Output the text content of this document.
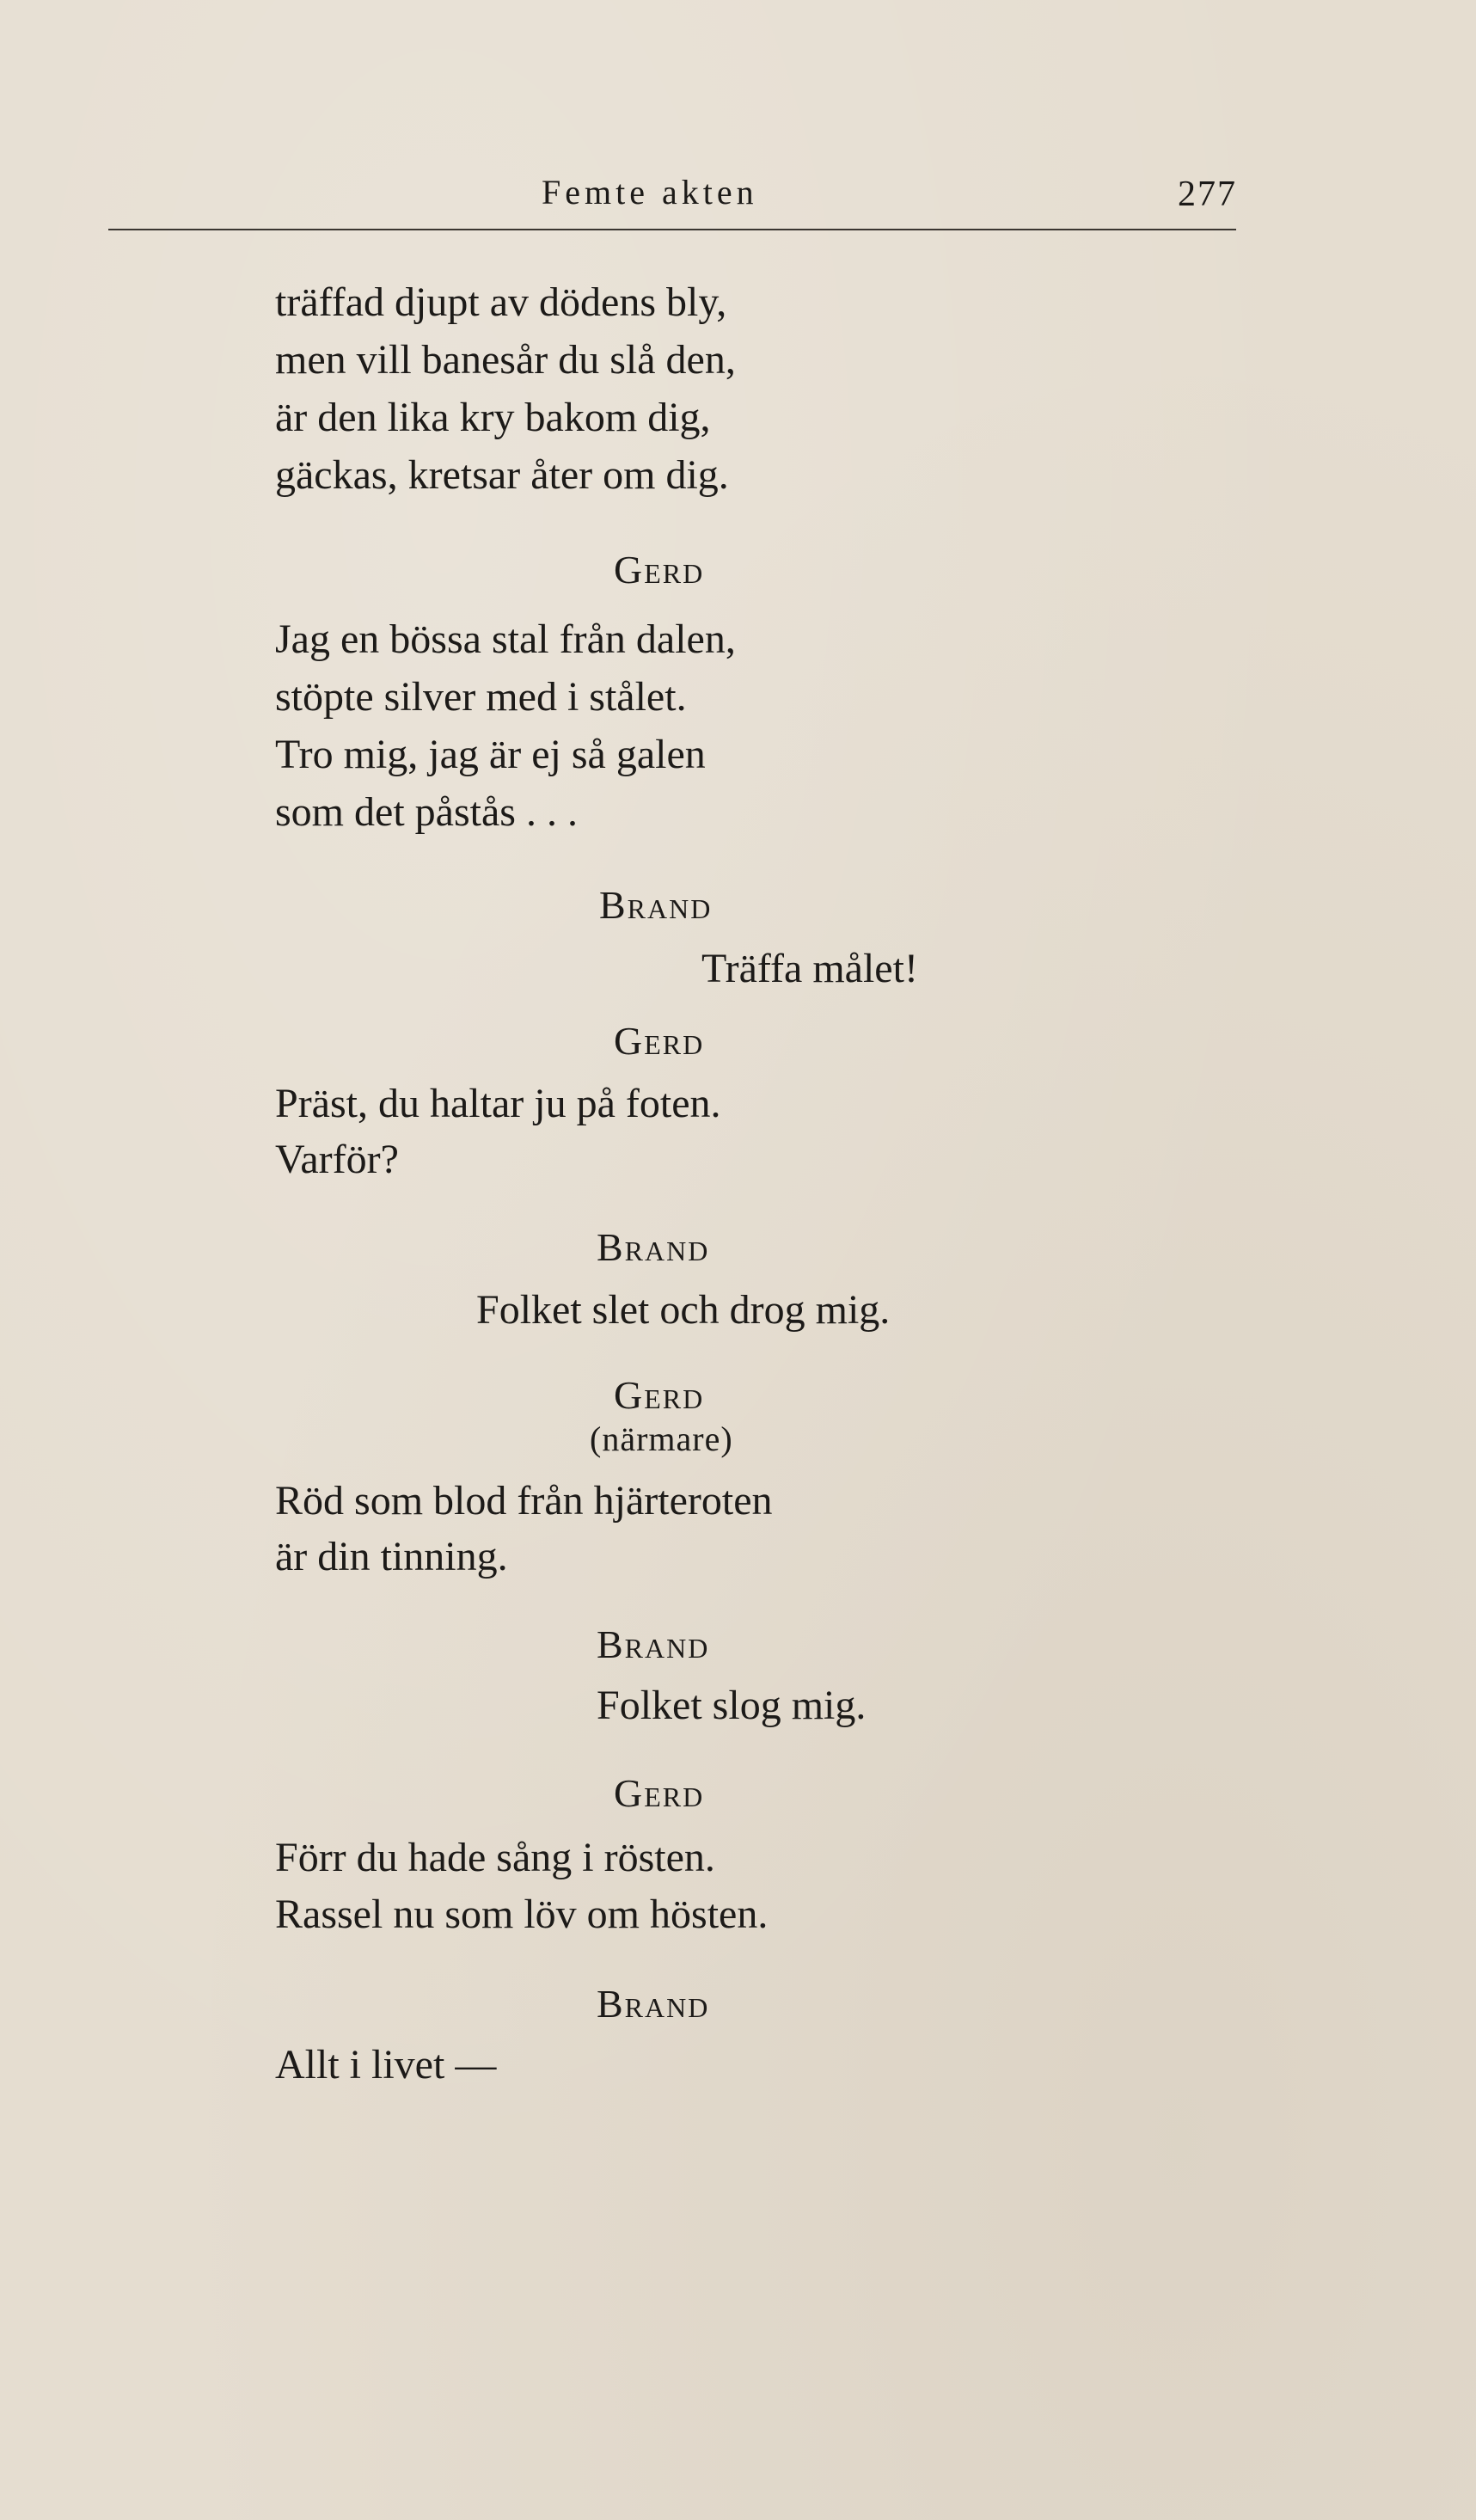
Femte akten	277
träffad djupt av dödens bly,
men vill banesår du slå den,
är den lika kry bakom dig,
gäckas, kretsar åter om dig.
Gerd
Jag en bössa stal från dalen,
stöpte silver med i stålet.
Tro mig, jag är ej så galen
som det påstås . . .
Brand
Träffa målet!
Gerd
Präst, du haltar ju på foten.
Varför?
Brand
Folket slet och drog mig.
Gerd
(närmare)
Röd som blod från hjärteroten
är din tinning.
Brand
Folket slog mig.
Gerd
Förr du hade sång i rösten.
Rassel nu som löv om hösten.
Brand
Allt i livet —
